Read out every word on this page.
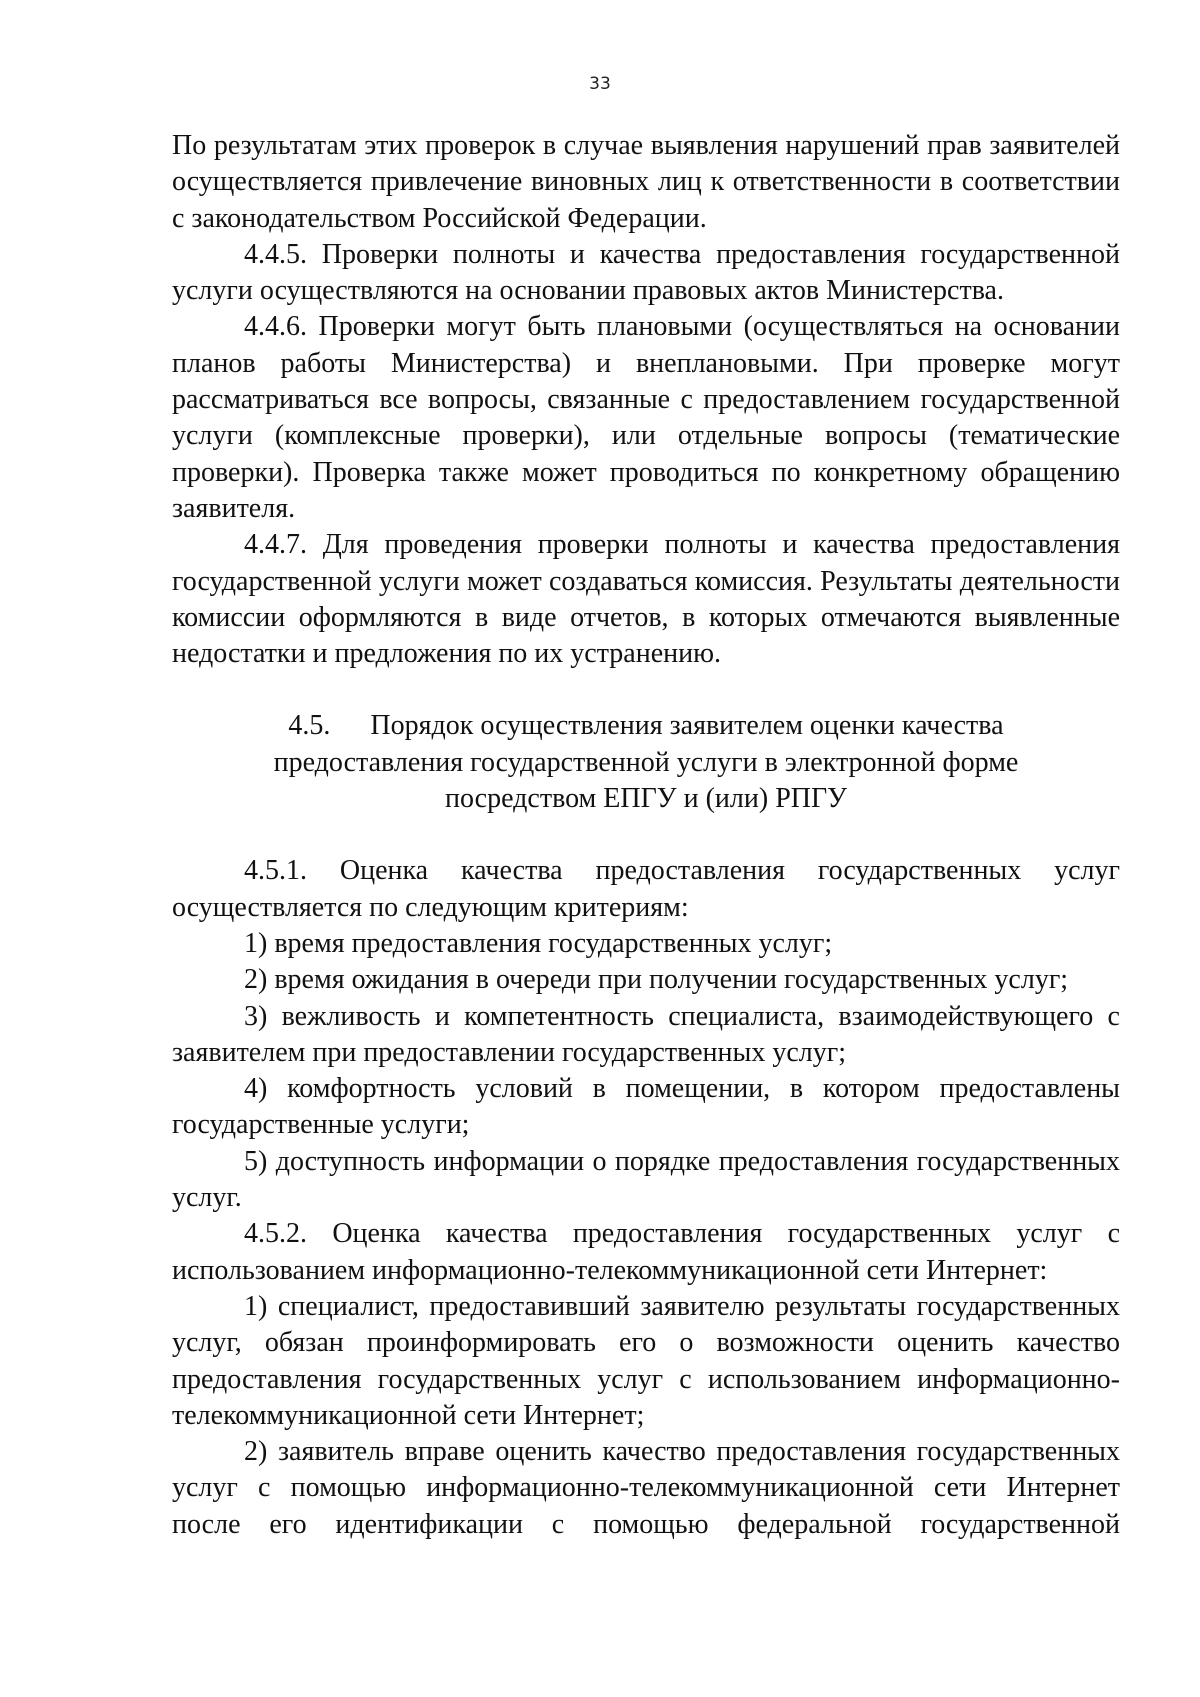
33

По результатам этих проверок в случае выявления нарушений прав заявителей осуществляется привлечение виновных лиц к ответственности в соответствии с законодательством Российской Федерации.

4.4.5. Проверки полноты и качества предоставления государственной услуги осуществляются на основании правовых актов Министерства.

4.4.6. Проверки могут быть плановыми (осуществляться на основании планов работы Министерства) и внеплановыми. При проверке могут рассматриваться все вопросы, связанные с предоставлением государственной услуги (комплексные проверки), или отдельные вопросы (тематические проверки). Проверка также может проводиться по конкретному обращению заявителя.

4.4.7. Для проведения проверки полноты и качества предоставления государственной услуги может создаваться комиссия. Результаты деятельности комиссии оформляются в виде отчетов, в которых отмечаются выявленные недостатки и предложения по их устранению.

4.5. Порядок осуществления заявителем оценки качества
предоставления государственной услуги в электронной форме
посредством ЕПГУ и (или) РПГУ

4.5.1. Оценка качества предоставления государственных услуг осуществляется по следующим критериям:

1) время предоставления государственных услуг;

2) время ожидания в очереди при получении государственных услуг;

3) вежливость и компетентность специалиста, взаимодействующего с заявителем при предоставлении государственных услуг;

4) комфортность условий в помещении, в котором предоставлены государственные услуги;

5) доступность информации о порядке предоставления государственных услуг.

4.5.2. Оценка качества предоставления государственных услуг с использованием информационно-телекоммуникационной сети Интернет:

1) специалист, предоставивший заявителю результаты государственных услуг, обязан проинформировать его о возможности оценить качество предоставления государственных услуг с использованием информационно-телекоммуникационной сети Интернет;

2) заявитель вправе оценить качество предоставления государственных услуг с помощью информационно-телекоммуникационной сети Интернет после его идентификации с помощью федеральной государственной
